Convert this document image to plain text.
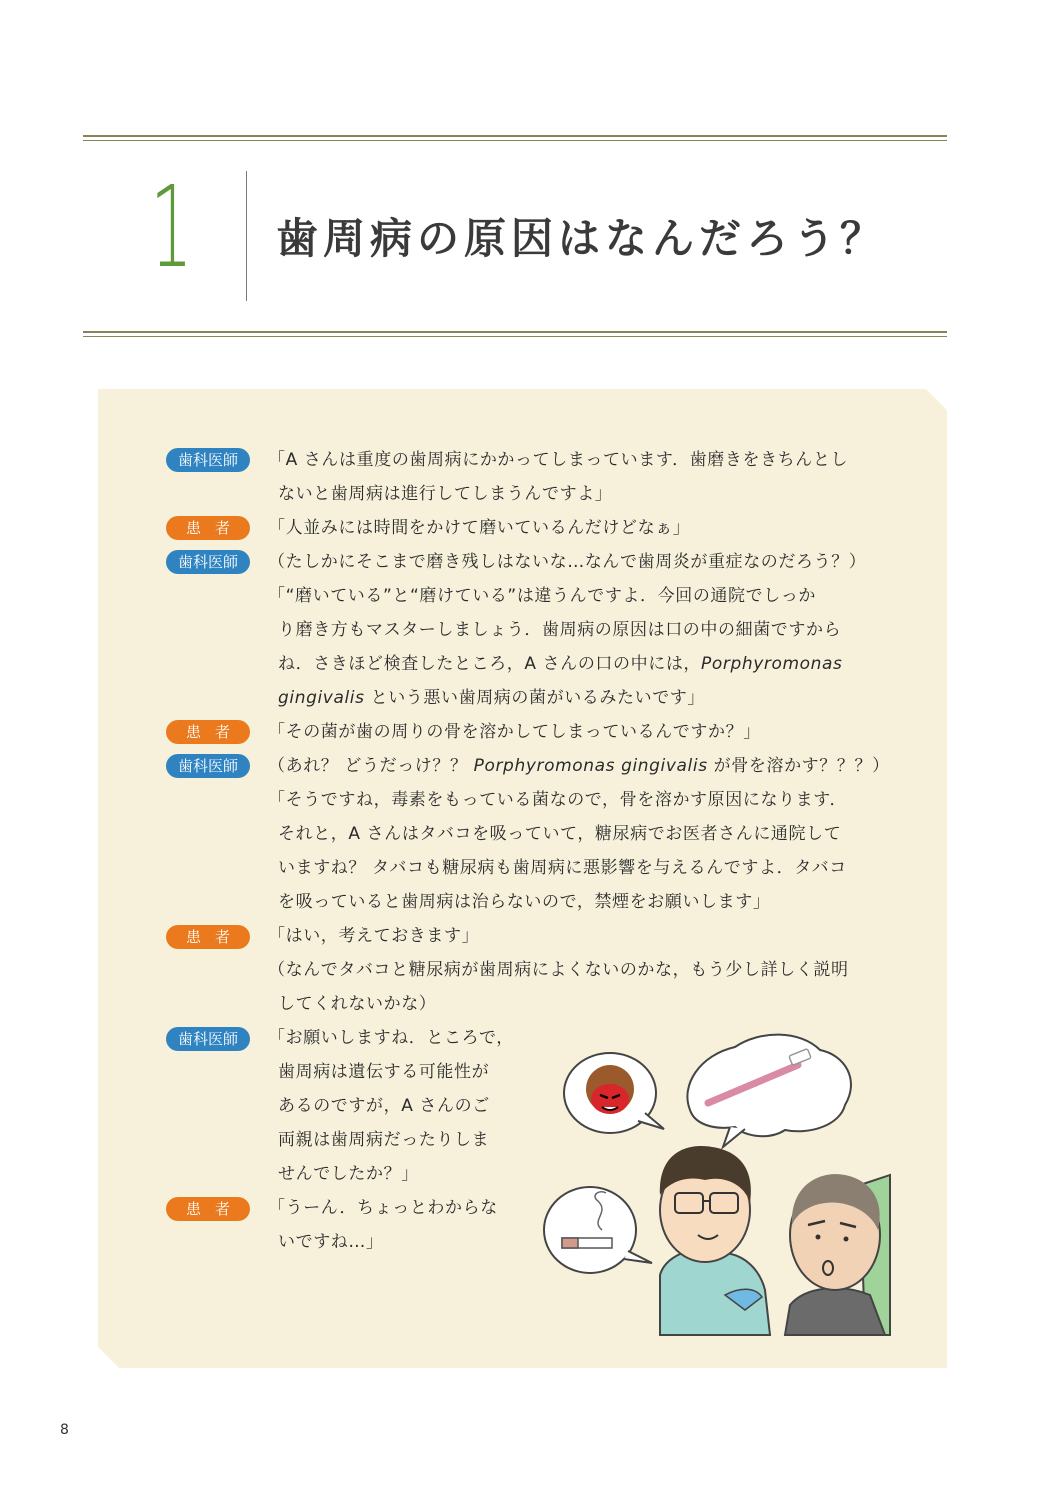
1 歯周病の原因はなんだろう？
歯科医師
患者
歯科医師
患者
歯科医師
患者
歯科医師
患者
「A さんは重度の歯周病にかかってしまっています．歯磨きをきちんとし
ないと歯周病は進行してしまうんですよ」
「人並みには時間をかけて磨いているんだけどなぁ」
（たしかにそこまで磨き残しはないな…なんで歯周炎が重症なのだろう？）
「“磨いている”と“磨けている”は違うんですよ．今回の通院でしっか
り磨き方もマスターしましょう．歯周病の原因は口の中の細菌ですから
ね．さきほど検査したところ，A さんの口の中には，Porphyromonas
gingivalis という悪い歯周病の菌がいるみたいです」
「その菌が歯の周りの骨を溶かしてしまっているんですか？」
（あれ？ どうだっけ？？ Porphyromonas gingivalis が骨を溶かす？？？）
「そうですね，毒素をもっている菌なので，骨を溶かす原因になります．
それと，A さんはタバコを吸っていて，糖尿病でお医者さんに通院して
いますね？ タバコも糖尿病も歯周病に悪影響を与えるんですよ．タバコ
を吸っていると歯周病は治らないので，禁煙をお願いします」
「はい，考えておきます」
（なんでタバコと糖尿病が歯周病によくないのかな，もう少し詳しく説明
してくれないかな）
「お願いしますね．ところで，
歯周病は遺伝する可能性が
あるのですが，A さんのご
両親は歯周病だったりしま
せんでしたか？」
「うーん．ちょっとわからな
いですね…」
8
